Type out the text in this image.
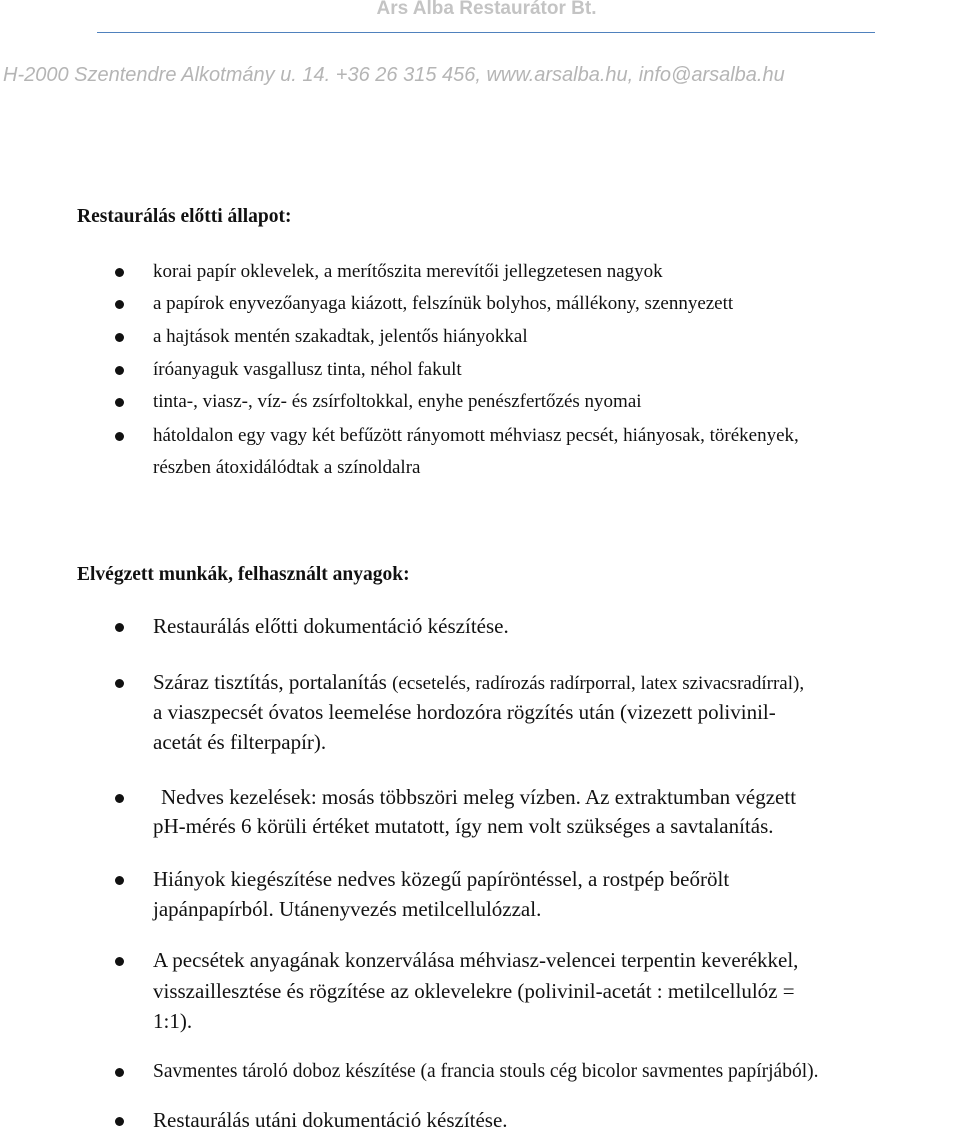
Ars Alba Restaurátor Bt.
H-2000 Szentendre Alkotmány u. 14. +36 26 315 456, www.arsalba.hu, info@arsalba.hu
Restaurálás előtti állapot:
korai papír oklevelek, a merítőszita merevítői jellegzetesen nagyok
a papírok enyvezőanyaga kiázott, felszínük bolyhos, mállékony, szennyezett
a hajtások mentén szakadtak, jelentős hiányokkal
íróanyaguk vasgallusz tinta, néhol fakult
tinta-, viasz-, víz- és zsírfoltokkal, enyhe penészfertőzés nyomai
hátoldalon egy vagy két befűzött rányomott méhviasz pecsét, hiányosak, törékenyek,
részben átoxidálódtak a színoldalra
Elvégzett munkák, felhasznált anyagok:
Restaurálás előtti dokumentáció készítése.
Száraz tisztítás, portalanítás (ecsetelés, radírozás radírporral, latex szivacsradírral),
a viaszpecsét óvatos leemelése hordozóra rögzítés után (vizezett polivinil-
acetát és filterpapír).
Nedves kezelések: mosás többszöri meleg vízben. Az extraktumban végzett
pH-mérés 6 körüli értéket mutatott, így nem volt szükséges a savtalanítás.
Hiányok kiegészítése nedves közegű papíröntéssel, a rostpép beőrölt
japánpapírból. Utánenyvezés metilcellulózzal.
A pecsétek anyagának konzerválása méhviasz-velencei terpentin keverékkel,
visszaillesztése és rögzítése az oklevelekre (polivinil-acetát : metilcellulóz =
1:1).
Savmentes tároló doboz készítése (a francia stouls cég bicolor savmentes papírjából).
Restaurálás utáni dokumentáció készítése.
